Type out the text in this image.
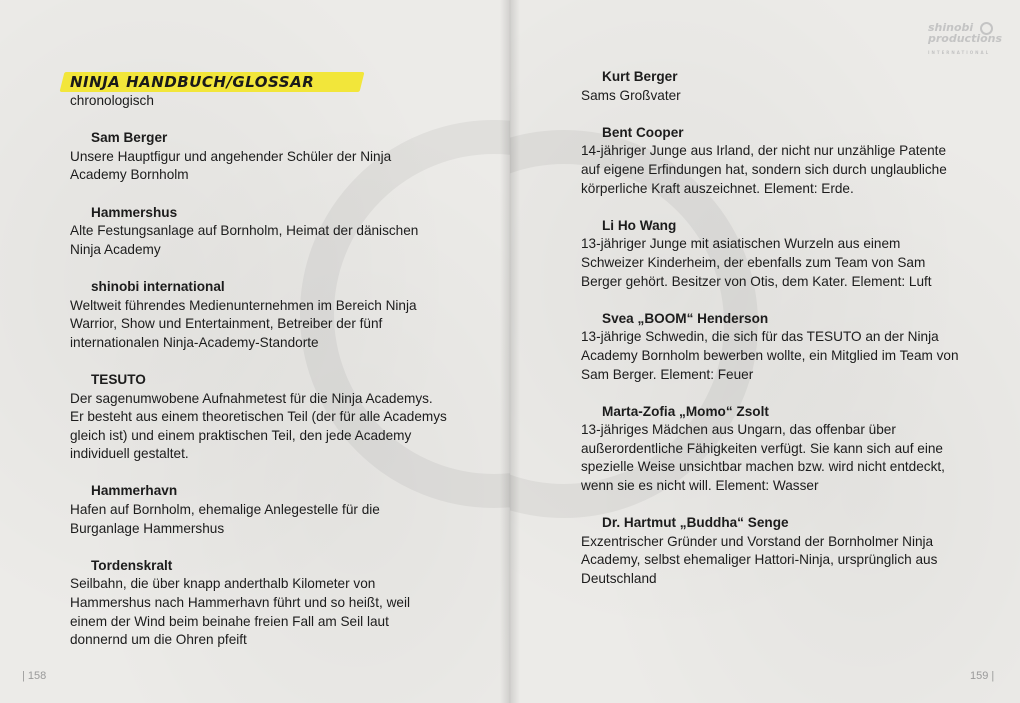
NINJA HANDBUCH/GLOSSAR
chronologisch
Sam Berger
Unsere Hauptfigur und angehender Schüler der Ninja Academy Bornholm
Hammershus
Alte Festungsanlage auf Bornholm, Heimat der dänischen Ninja Academy
shinobi international
Weltweit führendes Medienunternehmen im Bereich Ninja Warrior, Show und Entertainment, Betreiber der fünf internationalen Ninja-Academy-Standorte
TESUTO
Der sagenumwobene Aufnahmetest für die Ninja Academys. Er besteht aus einem theoretischen Teil (der für alle Academys gleich ist) und einem praktischen Teil, den jede Academy individuell gestaltet.
Hammerhavn
Hafen auf Bornholm, ehemalige Anlegestelle für die Burganlage Hammershus
Tordenskralt
Seilbahn, die über knapp anderthalb Kilometer von Hammershus nach Hammerhavn führt und so heißt, weil einem der Wind beim beinahe freien Fall am Seil laut donnernd um die Ohren pfeift
Kurt Berger
Sams Großvater
Bent Cooper
14-jähriger Junge aus Irland, der nicht nur unzählige Patente auf eigene Erfindungen hat, sondern sich durch unglaubliche körperliche Kraft auszeichnet. Element: Erde.
Li Ho Wang
13-jähriger Junge mit asiatischen Wurzeln aus einem Schweizer Kinderheim, der ebenfalls zum Team von Sam Berger gehört. Besitzer von Otis, dem Kater. Element: Luft
Svea „BOOM“ Henderson
13-jährige Schwedin, die sich für das TESUTO an der Ninja Academy Bornholm bewerben wollte, ein Mitglied im Team von Sam Berger. Element: Feuer
Marta-Zofia „Momo“ Zsolt
13-jähriges Mädchen aus Ungarn, das offenbar über außerordentliche Fähigkeiten verfügt. Sie kann sich auf eine spezielle Weise unsichtbar machen bzw. wird nicht entdeckt, wenn sie es nicht will. Element: Wasser
Dr. Hartmut „Buddha“ Senge
Exzentrischer Gründer und Vorstand der Bornholmer Ninja Academy, selbst ehemaliger Hattori-Ninja, ursprünglich aus Deutschland
shinobi
productions
INTERNATIONAL
| 158	159 |
